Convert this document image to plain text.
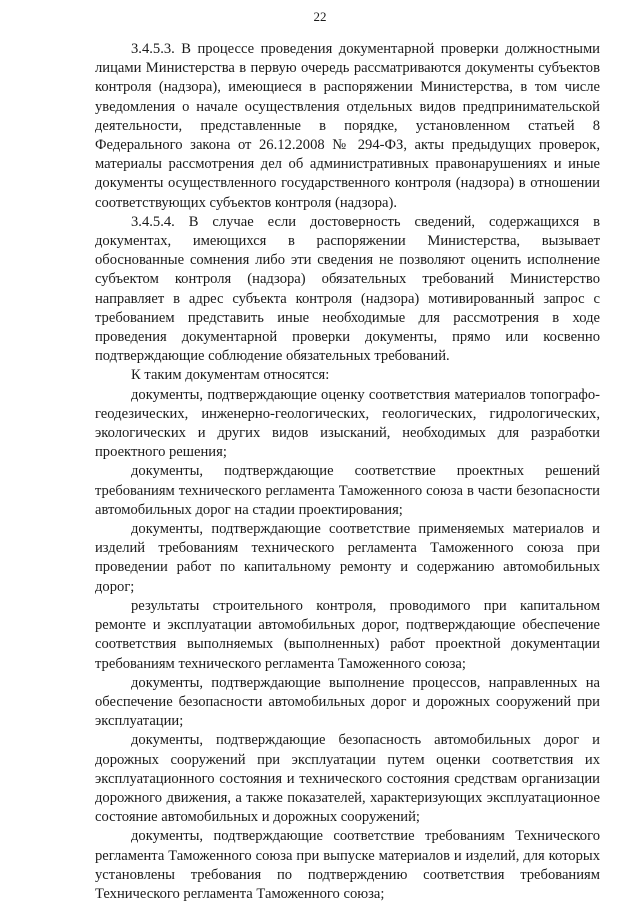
22

3.4.5.3. В процессе проведения документарной проверки должностными лицами Министерства в первую очередь рассматриваются документы субъектов контроля (надзора), имеющиеся в распоряжении Министерства, в том числе уведомления о начале осуществления отдельных видов предпринимательской деятельности, представленные в порядке, установленном статьей 8 Федерального закона от 26.12.2008 № 294-ФЗ, акты предыдущих проверок, материалы рассмотрения дел об административных правонарушениях и иные документы осуществленного государственного контроля (надзора) в отношении соответствующих субъектов контроля (надзора).

3.4.5.4. В случае если достоверность сведений, содержащихся в документах, имеющихся в распоряжении Министерства, вызывает обоснованные сомнения либо эти сведения не позволяют оценить исполнение субъектом контроля (надзора) обязательных требований Министерство направляет в адрес субъекта контроля (надзора) мотивированный запрос с требованием представить иные необходимые для рассмотрения в ходе проведения документарной проверки документы, прямо или косвенно подтверждающие соблюдение обязательных требований.

К таким документам относятся:

документы, подтверждающие оценку соответствия материалов топографо-геодезических, инженерно-геологических, геологических, гидрологических, экологических и других видов изысканий, необходимых для разработки проектного решения;

документы, подтверждающие соответствие проектных решений требованиям технического регламента Таможенного союза в части безопасности автомобильных дорог на стадии проектирования;

документы, подтверждающие соответствие применяемых материалов и изделий требованиям технического регламента Таможенного союза при проведении работ по капитальному ремонту и содержанию автомобильных дорог;

результаты строительного контроля, проводимого при капитальном ремонте и эксплуатации автомобильных дорог, подтверждающие обеспечение соответствия выполняемых (выполненных) работ проектной документации требованиям технического регламента Таможенного союза;

документы, подтверждающие выполнение процессов, направленных на обеспечение безопасности автомобильных дорог и дорожных сооружений при эксплуатации;

документы, подтверждающие безопасность автомобильных дорог и дорожных сооружений при эксплуатации путем оценки соответствия их эксплуатационного состояния и технического состояния средствам организации дорожного движения, а также показателей, характеризующих эксплуатационное состояние автомобильных и дорожных сооружений;

документы, подтверждающие соответствие требованиям Технического регламента Таможенного союза при выпуске материалов и изделий, для которых установлены требования по подтверждению соответствия требованиям Технического регламента Таможенного союза;
